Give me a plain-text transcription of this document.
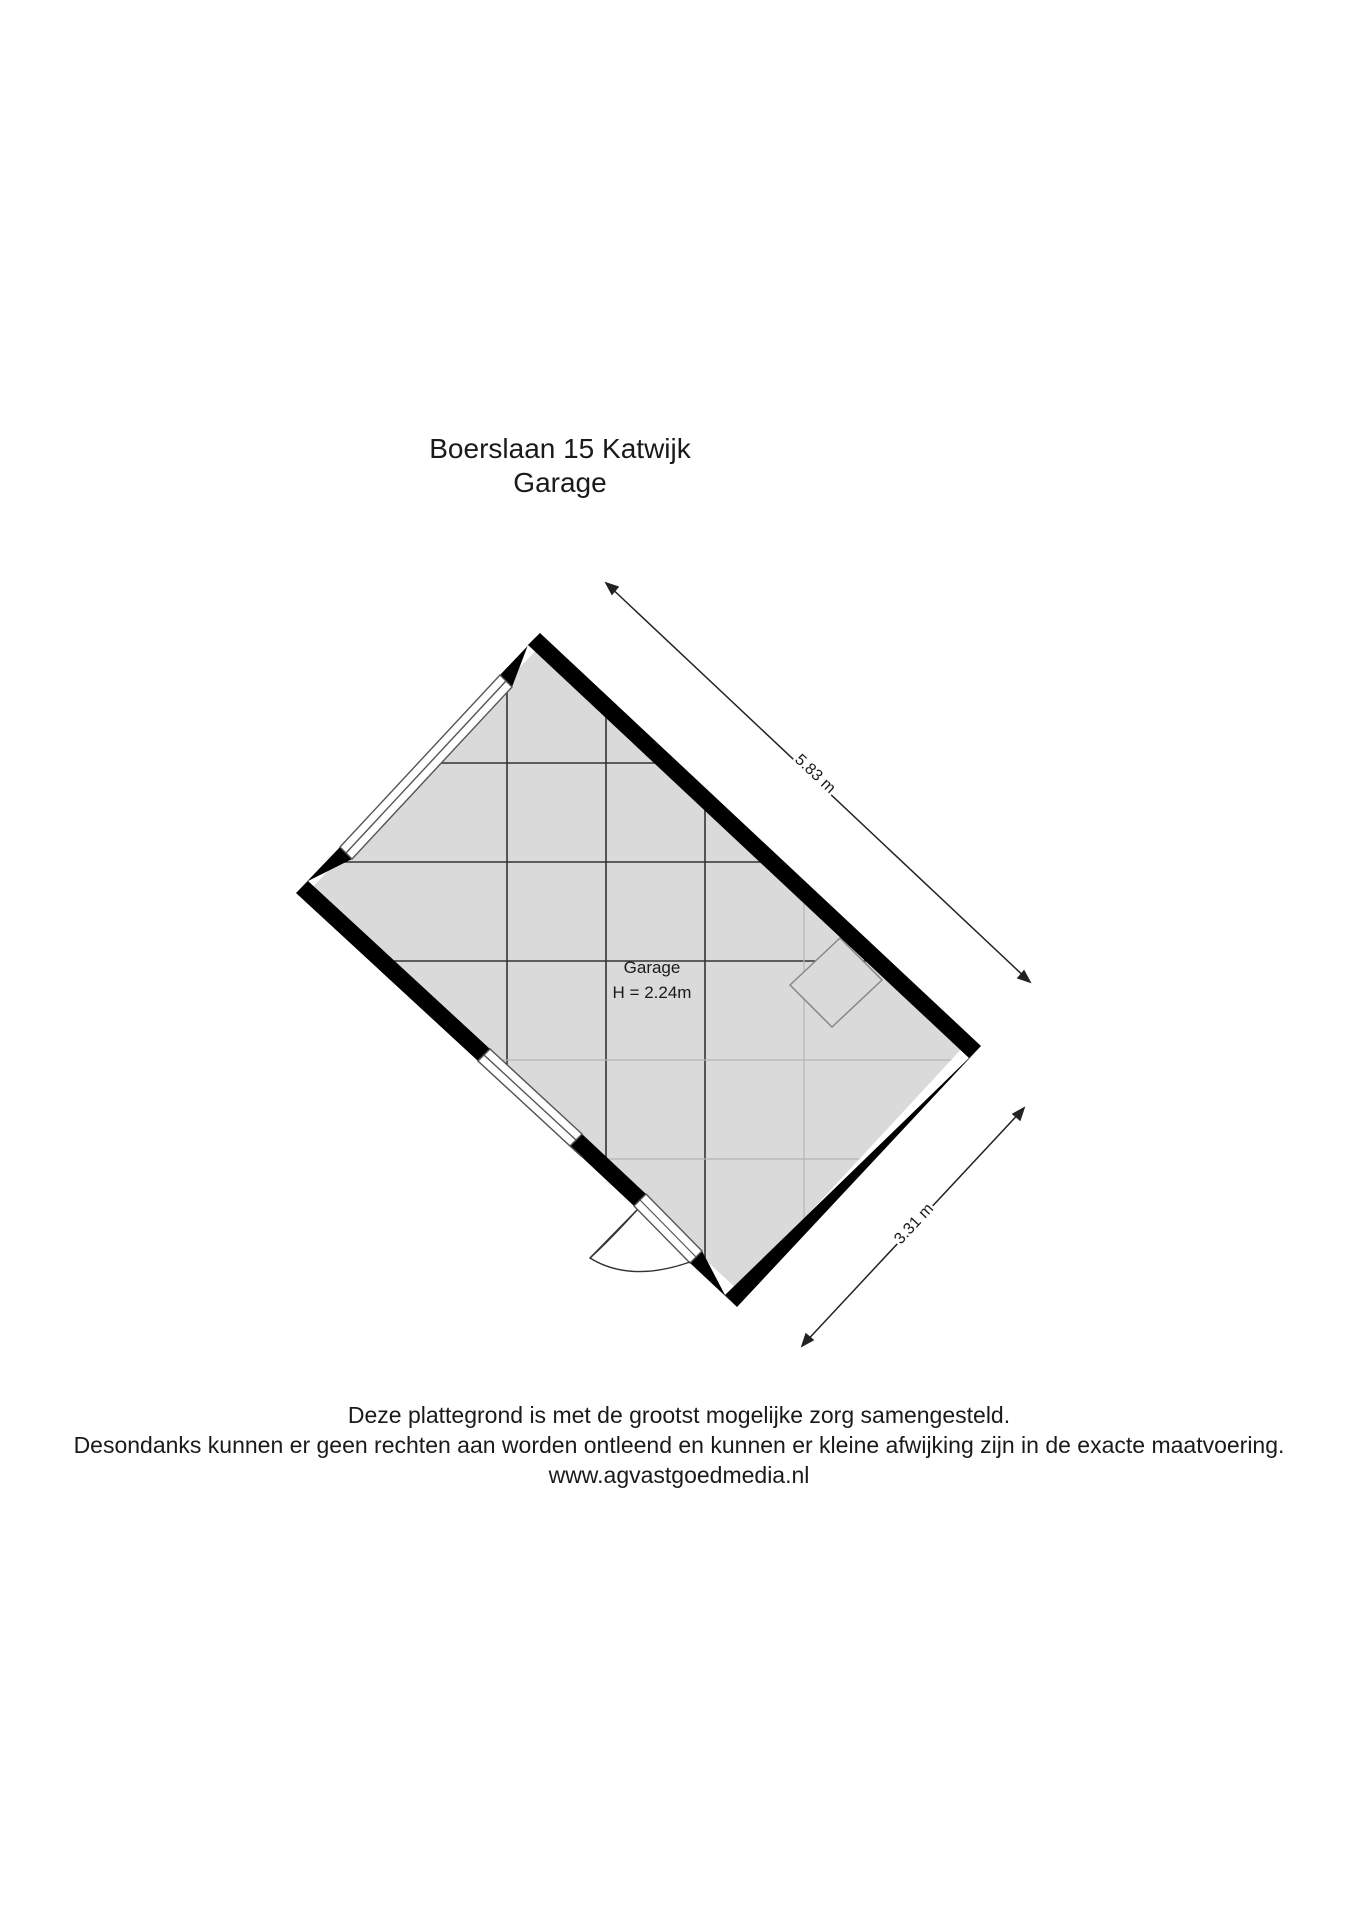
Boerslaan 15 Katwijk
Garage
Garage
H = 2.24m
5.83 m
3.31 m
Deze plattegrond is met de grootst mogelijke zorg samengesteld.
Desondanks kunnen er geen rechten aan worden ontleend en kunnen er kleine afwijking zijn in de exacte maatvoering.
www.agvastgoedmedia.nl
